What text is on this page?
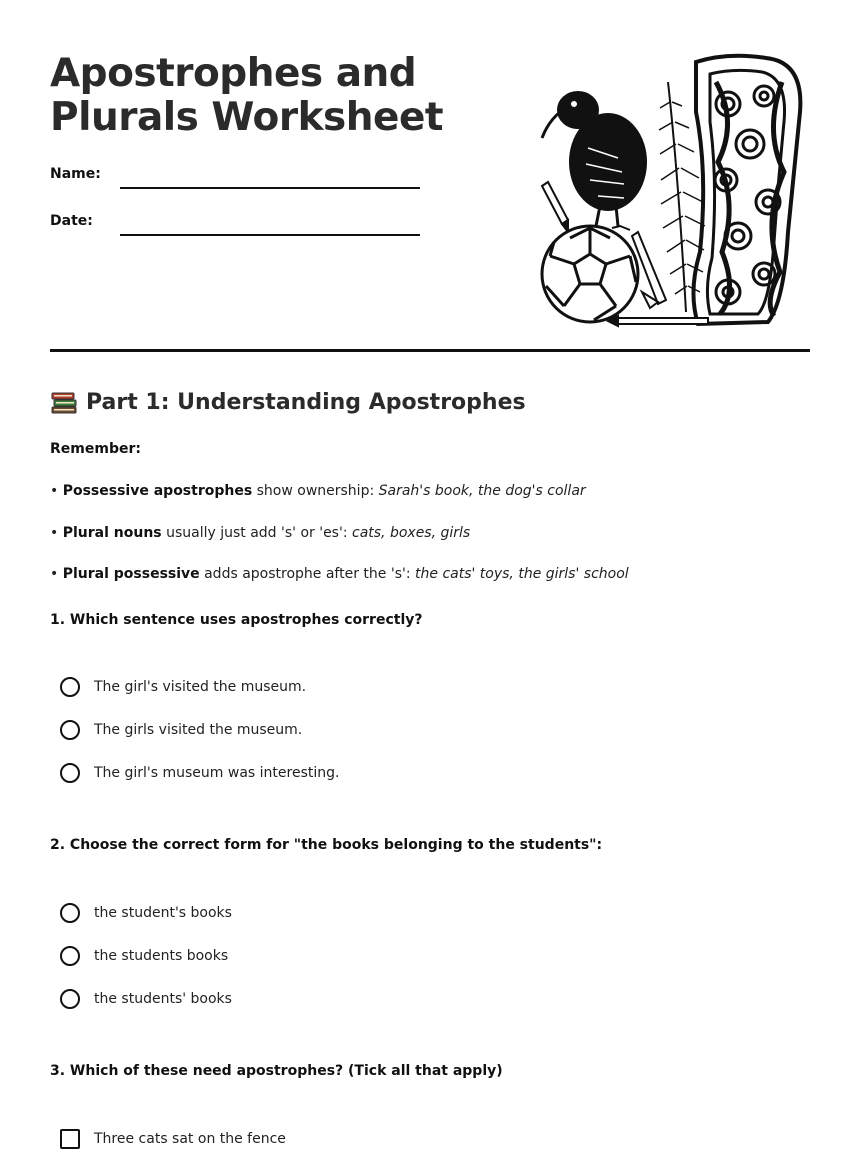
Apostrophes and Plurals Worksheet
Name:
Date:
Part 1: Understanding Apostrophes
Remember:
• Possessive apostrophes show ownership: Sarah's book, the dog's collar
• Plural nouns usually just add 's' or 'es': cats, boxes, girls
• Plural possessive adds apostrophe after the 's': the cats' toys, the girls' school
1. Which sentence uses apostrophes correctly?
The girl's visited the museum.
The girls visited the museum.
The girl's museum was interesting.
2. Choose the correct form for "the books belonging to the students":
the student's books
the students books
the students' books
3. Which of these need apostrophes? (Tick all that apply)
Three cats sat on the fence
